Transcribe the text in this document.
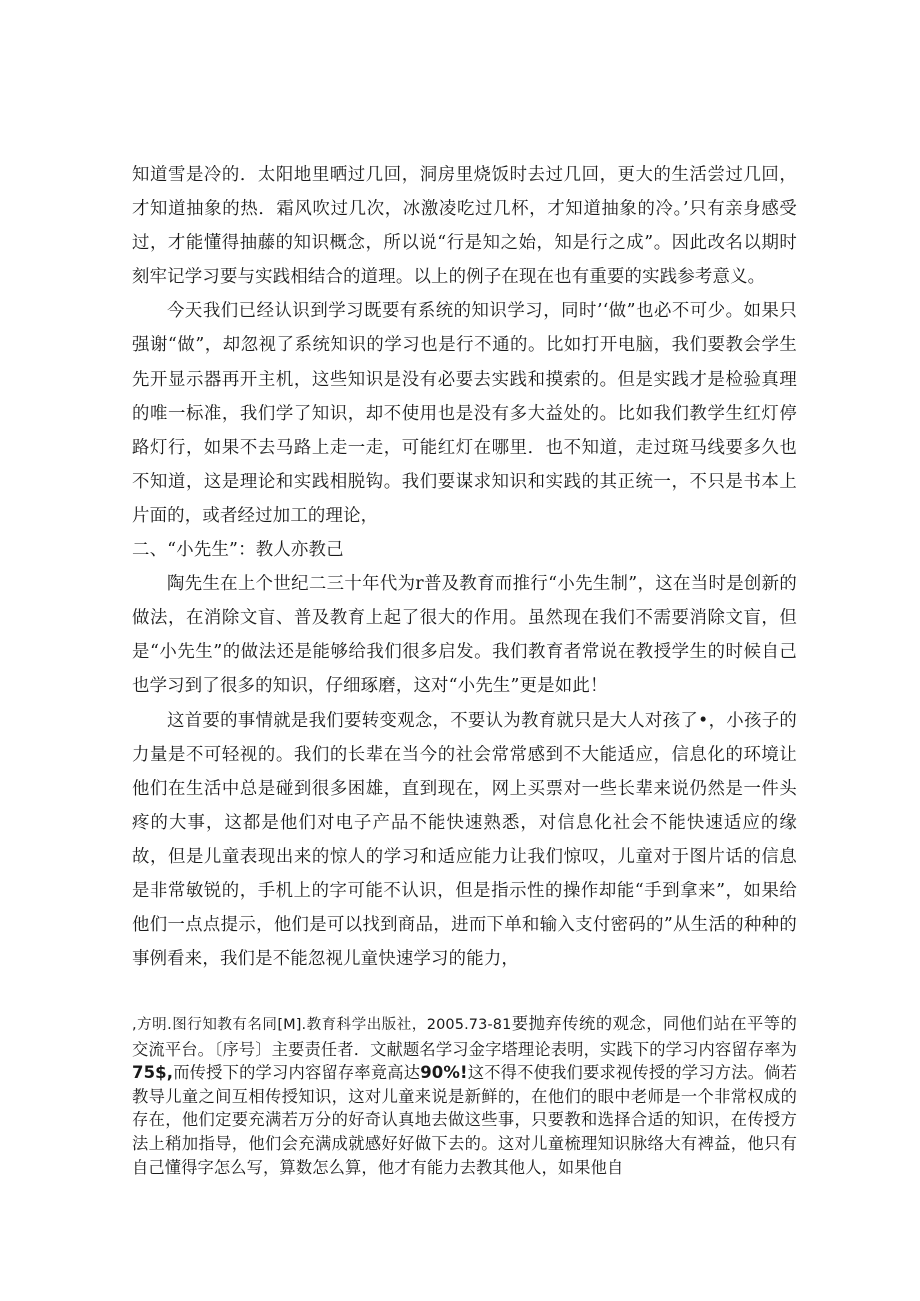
知道雪是冷的．太阳地里晒过几回，洞房里烧饭时去过几回，更大的生活尝过几回，才知道抽象的热．霜风吹过几次，冰激凌吃过几杯，才知道抽象的冷。’只有亲身感受过，才能懂得抽藤的知识概念，所以说“行是知之始，知是行之成”。因此改名以期时刻牢记学习要与实践相结合的道理。以上的例子在现在也有重要的实践参考意义。

今天我们已经认识到学习既要有系统的知识学习，同时’‘做”也必不可少。如果只强谢“做”，却忽视了系统知识的学习也是行不通的。比如打开电脑，我们要教会学生先开显示器再开主机，这些知识是没有必要去实践和摸索的。但是实践才是检验真理的唯一标准，我们学了知识，却不使用也是没有多大益处的。比如我们教学生红灯停路灯行，如果不去马路上走一走，可能红灯在哪里．也不知道，走过斑马线要多久也不知道，这是理论和实践相脱钩。我们要谋求知识和实践的其正统一，不只是书本上片面的，或者经过加工的理论，

二、“小先生”：教人亦教己

陶先生在上个世纪二三十年代为r普及教育而推行“小先生制”，这在当时是创新的做法，在消除文盲、普及教育上起了很大的作用。虽然现在我们不需要消除文盲，但是“小先生”的做法还是能够给我们很多启发。我们教育者常说在教授学生的时候自己也学习到了很多的知识，仔细琢磨，这对“小先生”更是如此！

这首要的事情就是我们要转变观念，不要认为教育就只是大人对孩了•，小孩子的力量是不可轻视的。我们的长辈在当今的社会常常感到不大能适应，信息化的环境让他们在生活中总是碰到很多困雄，直到现在，网上买票对一些长辈来说仍然是一件头疼的大事，这都是他们对电子产品不能快速熟悉，对信息化社会不能快速适应的缘故，但是儿童表现出来的惊人的学习和适应能力让我们惊叹，儿童对于图片话的信息是非常敏锐的，手机上的字可能不认识，但是指示性的操作却能“手到拿来”，如果给他们一点点提示，他们是可以找到商品，进而下单和输入支付密码的”从生活的种种的事例看来，我们是不能忽视儿童快速学习的能力，

,方明.图行知教有名同[M].教育科学出版社，2005.73-81要抛弃传统的观念，同他们站在平等的交流平台。〔序号〕主要责任者．文献题名学习金字塔理论表明，实践下的学习内容留存率为75$,而传授下的学习内容留存率竟高达90%!这不得不使我们要求视传授的学习方法。倘若教导儿童之间互相传授知识，这对儿童来说是新鲜的，在他们的眼中老师是一个非常权成的存在，他们定要充满若万分的好奇认真地去做这些事，只要教和选择合适的知识，在传授方法上稍加指导，他们会充满成就感好好做下去的。这对儿童梳理知识脉络大有裨益，他只有自己懂得字怎么写，算数怎么算，他才有能力去教其他人，如果他自
